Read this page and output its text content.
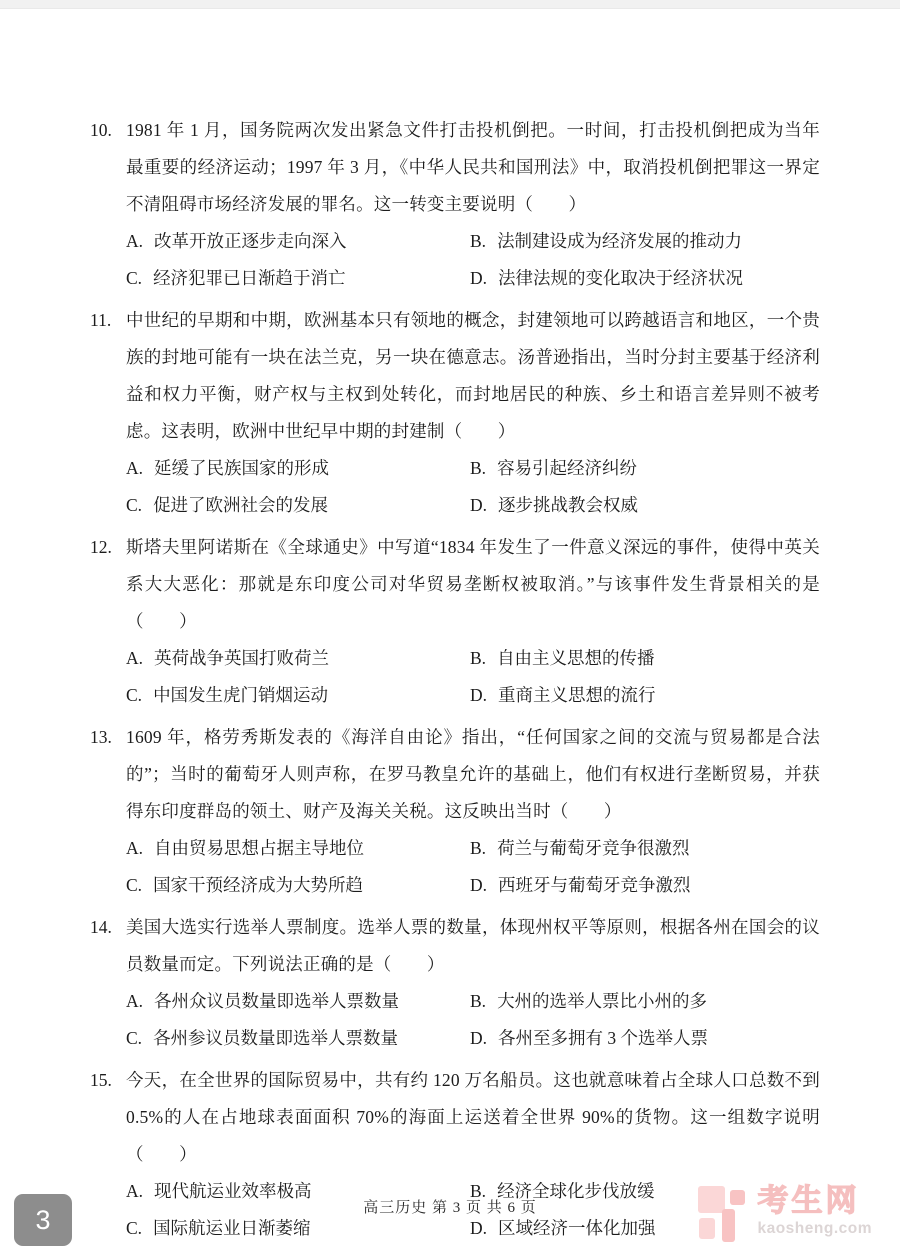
10. 1981 年 1 月，国务院两次发出紧急文件打击投机倒把。一时间，打击投机倒把成为当年最重要的经济运动；1997 年 3 月，《中华人民共和国刑法》中，取消投机倒把罪这一界定不清阻碍市场经济发展的罪名。这一转变主要说明（　　）

A. 改革开放正逐步走向深入	B. 法制建设成为经济发展的推动力
C. 经济犯罪已日渐趋于消亡	D. 法律法规的变化取决于经济状况
11. 中世纪的早期和中期，欧洲基本只有领地的概念，封建领地可以跨越语言和地区，一个贵族的封地可能有一块在法兰克，另一块在德意志。汤普逊指出，当时分封主要基于经济利益和权力平衡，财产权与主权到处转化，而封地居民的种族、乡土和语言差异则不被考虑。这表明，欧洲中世纪早中期的封建制（　　）

A. 延缓了民族国家的形成	B. 容易引起经济纠纷
C. 促进了欧洲社会的发展	D. 逐步挑战教会权威
12. 斯塔夫里阿诺斯在《全球通史》中写道“1834 年发生了一件意义深远的事件，使得中英关系大大恶化：那就是东印度公司对华贸易垄断权被取消。”与该事件发生背景相关的是（　　）

A. 英荷战争英国打败荷兰	B. 自由主义思想的传播
C. 中国发生虎门销烟运动	D. 重商主义思想的流行
13. 1609 年，格劳秀斯发表的《海洋自由论》指出，“任何国家之间的交流与贸易都是合法的”；当时的葡萄牙人则声称，在罗马教皇允许的基础上，他们有权进行垄断贸易，并获得东印度群岛的领土、财产及海关关税。这反映出当时（　　）

A. 自由贸易思想占据主导地位	B. 荷兰与葡萄牙竞争很激烈
C. 国家干预经济成为大势所趋	D. 西班牙与葡萄牙竞争激烈
14. 美国大选实行选举人票制度。选举人票的数量，体现州权平等原则，根据各州在国会的议员数量而定。下列说法正确的是（　　）

A. 各州众议员数量即选举人票数量	B. 大州的选举人票比小州的多
C. 各州参议员数量即选举人票数量	D. 各州至多拥有 3 个选举人票
15. 今天，在全世界的国际贸易中，共有约 120 万名船员。这也就意味着占全球人口总数不到 0.5%的人在占地球表面面积 70%的海面上运送着全世界 90%的货物。这一组数字说明（　　）

A. 现代航运业效率极高	B. 经济全球化步伐放缓
C. 国际航运业日渐萎缩	D. 区域经济一体化加强
3	高三历史 第 3 页 共 6 页	考生网
kaosheng.com
